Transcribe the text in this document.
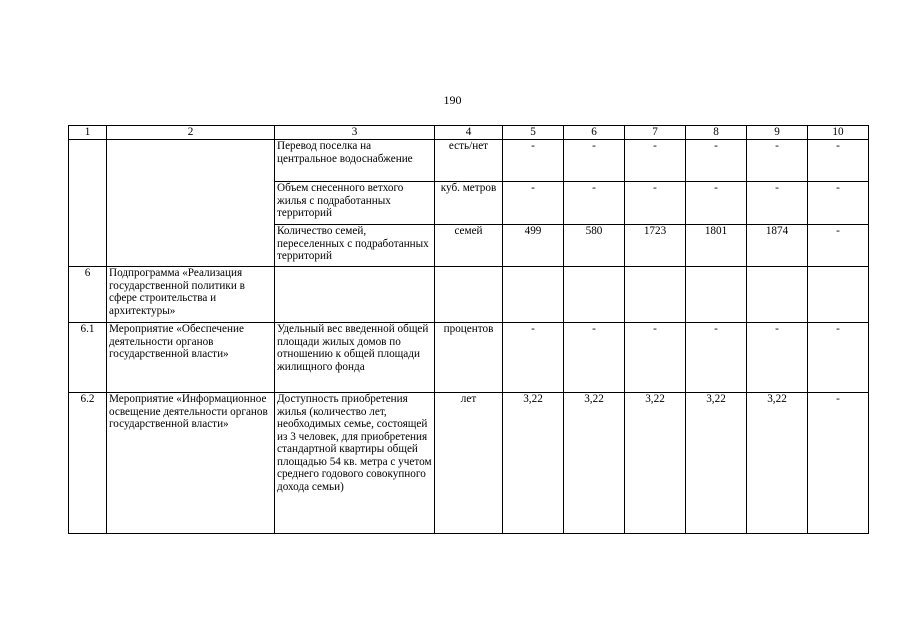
190
1	2	3	4	5	6	7	8	9	10
		Перевод поселка на центральное водоснабжение	есть/нет	-	-	-	-	-	-
		Объем снесенного ветхого жилья с подработанных территорий	куб. метров	-	-	-	-	-	-
		Количество семей, переселенных с подработанных территорий	семей	499	580	1723	1801	1874	-
6	Подпрограмма «Реализация государственной политики в сфере строительства и архитектуры»								
6.1	Мероприятие «Обеспечение деятельности органов государственной власти»	Удельный вес введенной общей площади жилых домов по отношению к общей площади жилищного фонда	процентов	-	-	-	-	-	-
6.2	Мероприятие «Информационное освещение деятельности органов государственной власти»	Доступность приобретения жилья (количество лет, необходимых семье, состоящей из 3 человек, для приобретения стандартной квартиры общей площадью 54 кв. метра с учетом среднего годового совокупного дохода семьи)	лет	3,22	3,22	3,22	3,22	3,22	-
